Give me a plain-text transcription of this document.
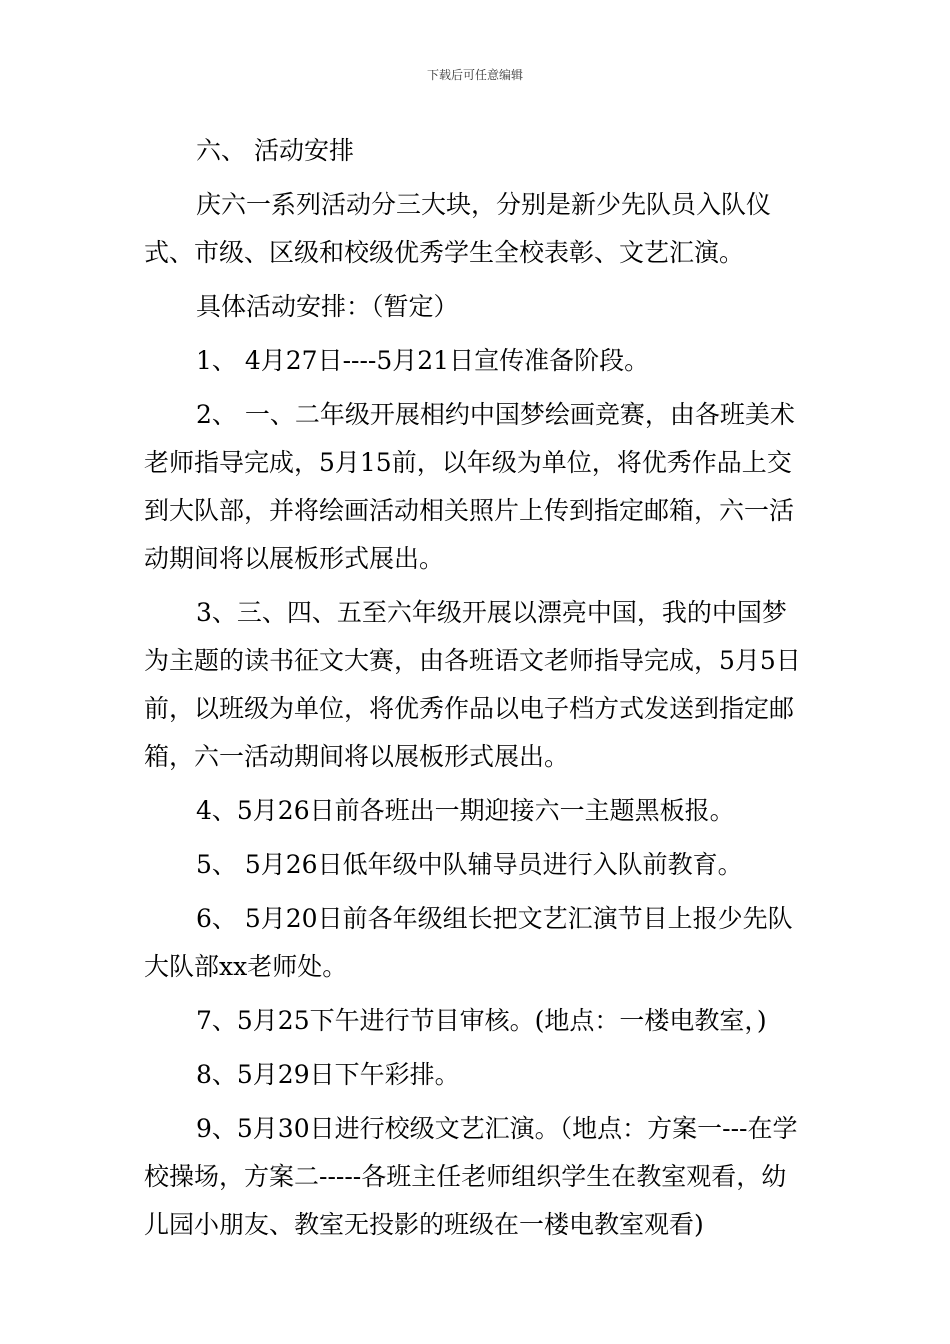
下载后可任意编辑

六、 活动安排

庆六一系列活动分三大块，分别是新少先队员入队仪式、市级、区级和校级优秀学生全校表彰、文艺汇演。

具体活动安排：（暂定）

1、 4月27日----5月21日宣传准备阶段。

2、 一、二年级开展相约中国梦绘画竞赛，由各班美术老师指导完成，5月15前，以年级为单位，将优秀作品上交到大队部，并将绘画活动相关照片上传到指定邮箱，六一活动期间将以展板形式展出。

3、三、四、五至六年级开展以漂亮中国，我的中国梦为主题的读书征文大赛，由各班语文老师指导完成，5月5日前，以班级为单位，将优秀作品以电子档方式发送到指定邮箱，六一活动期间将以展板形式展出。

4、5月26日前各班出一期迎接六一主题黑板报。

5、 5月26日低年级中队辅导员进行入队前教育。

6、 5月20日前各年级组长把文艺汇演节目上报少先队大队部xx老师处。

7、5月25下午进行节目审核。(地点：一楼电教室，)

8、5月29日下午彩排。

9、5月30日进行校级文艺汇演。（地点：方案一---在学校操场，方案二-----各班主任老师组织学生在教室观看，幼儿园小朋友、教室无投影的班级在一楼电教室观看)
